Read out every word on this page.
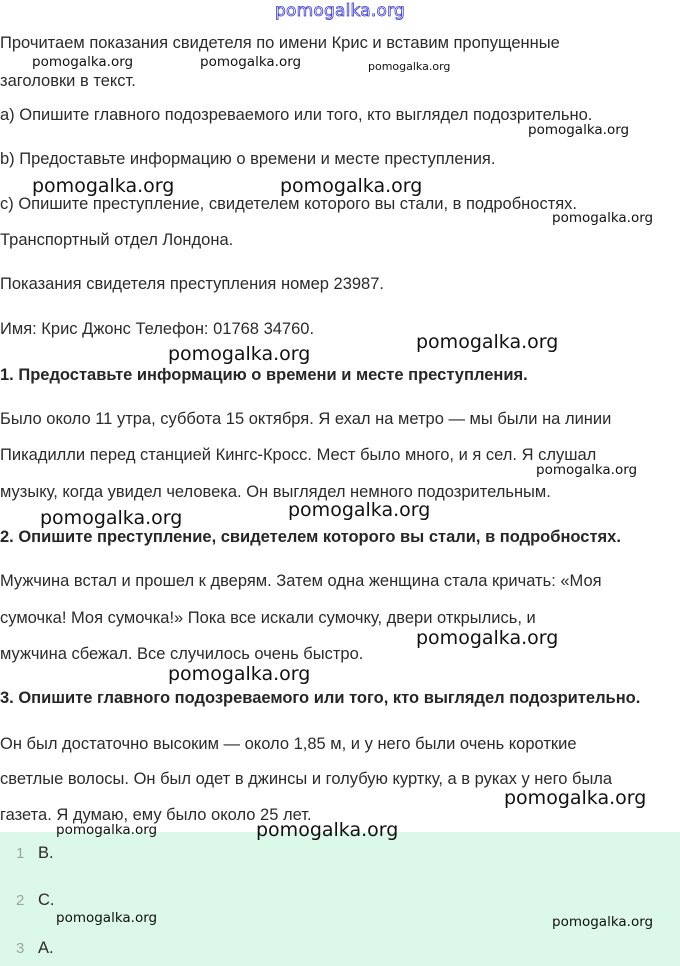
pomogalka.org

Прочитаем показания свидетеля по имени Крис и вставим пропущенные

заголовки в текст.

a) Опишите главного подозреваемого или того, кто выглядел подозрительно.

b) Предоставьте информацию о времени и месте преступления.

c) Опишите преступление, свидетелем которого вы стали, в подробностях.

Транспортный отдел Лондона.

Показания свидетеля преступления номер 23987.

Имя: Крис Джонс Телефон: 01768 34760.

1. Предоставьте информацию о времени и месте преступления.

Было около 11 утра, суббота 15 октября. Я ехал на метро — мы были на линии

Пикадилли перед станцией Кингс-Кросс. Мест было много, и я сел. Я слушал

музыку, когда увидел человека. Он выглядел немного подозрительным.

2. Опишите преступление, свидетелем которого вы стали, в подробностях.

Мужчина встал и прошел к дверям. Затем одна женщина стала кричать: «Моя

сумочка! Моя сумочка!» Пока все искали сумочку, двери открылись, и

мужчина сбежал. Все случилось очень быстро.

3. Опишите главного подозреваемого или того, кто выглядел подозрительно.

Он был достаточно высоким — около 1,85 м, и у него были очень короткие

светлые волосы. Он был одет в джинсы и голубую куртку, а в руках у него была

газета. Я думаю, ему было около 25 лет.

1 B.
2 C.
3 A.
pomogalka.org	pomogalka.org	pomogalka.org
pomogalka.org
pomogalka.org	pomogalka.org
pomogalka.org
pomogalka.org
pomogalka.org
pomogalka.org
pomogalka.org
pomogalka.org
pomogalka.org
pomogalka.org
pomogalka.org
pomogalka.org	pomogalka.org
pomogalka.org	pomogalka.org
